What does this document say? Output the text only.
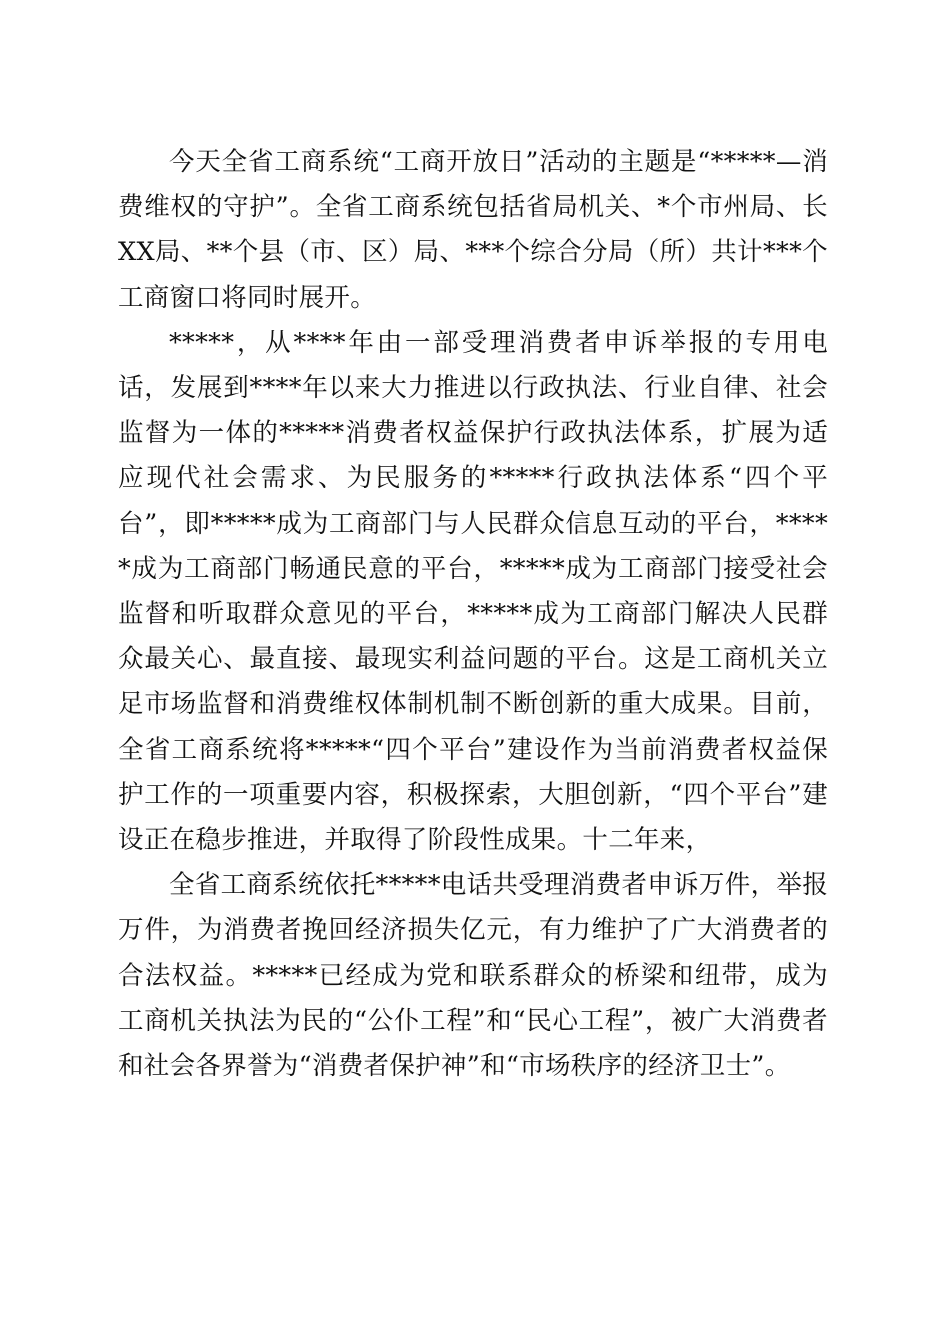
今天全省工商系统“工商开放日”活动的主题是“*****—消费维权的守护”。全省工商系统包括省局机关、*个市州局、长XX局、**个县（市、区）局、***个综合分局（所）共计***个工商窗口将同时展开。

*****，从****年由一部受理消费者申诉举报的专用电话，发展到****年以来大力推进以行政执法、行业自律、社会监督为一体的*****消费者权益保护行政执法体系，扩展为适应现代社会需求、为民服务的*****行政执法体系“四个平台”，即*****成为工商部门与人民群众信息互动的平台，*****成为工商部门畅通民意的平台，*****成为工商部门接受社会监督和听取群众意见的平台，*****成为工商部门解决人民群众最关心、最直接、最现实利益问题的平台。这是工商机关立足市场监督和消费维权体制机制不断创新的重大成果。目前，全省工商系统将*****“四个平台”建设作为当前消费者权益保护工作的一项重要内容，积极探索，大胆创新，“四个平台”建设正在稳步推进，并取得了阶段性成果。十二年来，

全省工商系统依托*****电话共受理消费者申诉万件，举报万件，为消费者挽回经济损失亿元，有力维护了广大消费者的合法权益。*****已经成为党和联系群众的桥梁和纽带，成为工商机关执法为民的“公仆工程”和“民心工程”，被广大消费者和社会各界誉为“消费者保护神”和“市场秩序的经济卫士”。
